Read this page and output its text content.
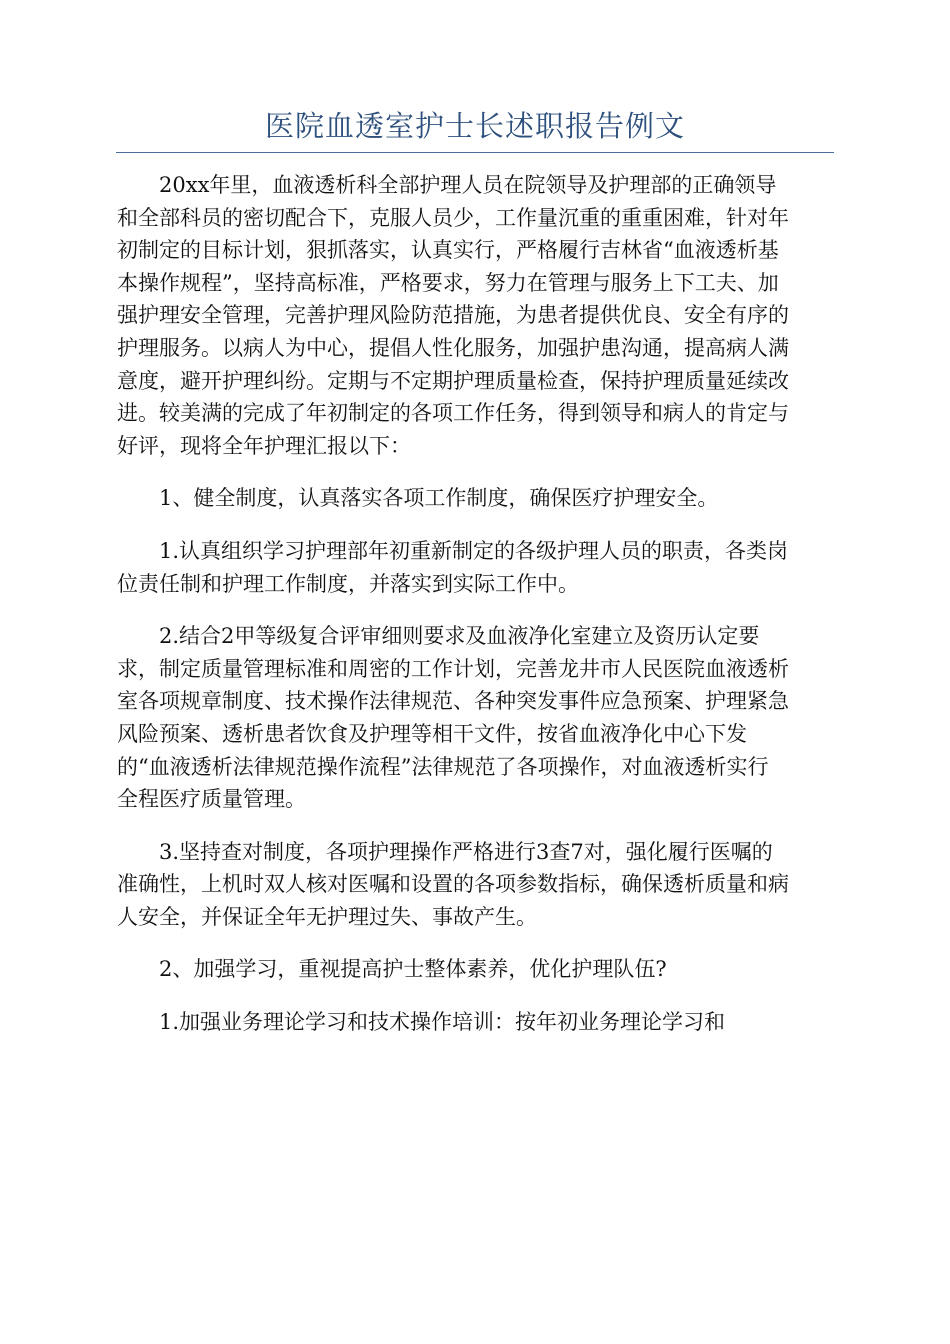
医院血透室护士长述职报告例文

20xx年里，血液透析科全部护理人员在院领导及护理部的正确领导
和全部科员的密切配合下，克服人员少，工作量沉重的重重困难，针对年
初制定的目标计划，狠抓落实，认真实行，严格履行吉林省“血液透析基
本操作规程”，坚持高标准，严格要求，努力在管理与服务上下工夫、加
强护理安全管理，完善护理风险防范措施，为患者提供优良、安全有序的
护理服务。以病人为中心，提倡人性化服务，加强护患沟通，提高病人满
意度，避开护理纠纷。定期与不定期护理质量检查，保持护理质量延续改
进。较美满的完成了年初制定的各项工作任务，得到领导和病人的肯定与
好评，现将全年护理汇报以下：

1、健全制度，认真落实各项工作制度，确保医疗护理安全。

1.认真组织学习护理部年初重新制定的各级护理人员的职责，各类岗
位责任制和护理工作制度，并落实到实际工作中。

2.结合2甲等级复合评审细则要求及血液净化室建立及资历认定要
求，制定质量管理标准和周密的工作计划，完善龙井市人民医院血液透析
室各项规章制度、技术操作法律规范、各种突发事件应急预案、护理紧急
风险预案、透析患者饮食及护理等相干文件，按省血液净化中心下发
的“血液透析法律规范操作流程”法律规范了各项操作，对血液透析实行
全程医疗质量管理。

3.坚持查对制度，各项护理操作严格进行3查7对，强化履行医嘱的
准确性，上机时双人核对医嘱和设置的各项参数指标，确保透析质量和病
人安全，并保证全年无护理过失、事故产生。

2、加强学习，重视提高护士整体素养，优化护理队伍?

1.加强业务理论学习和技术操作培训：按年初业务理论学习和
